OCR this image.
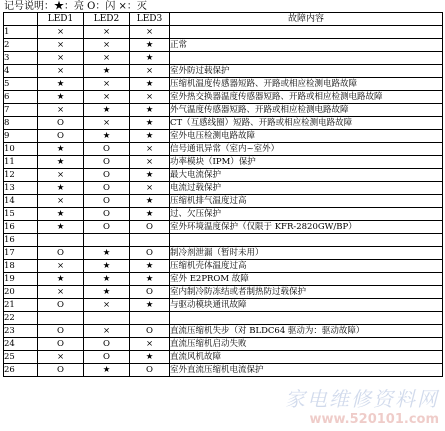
记号说明：★：亮 O：闪 ×：灭
	LED1	LED2	LED3	故障内容
1	×	×	×	
2	×	×	★	正常
3	×	×	★	
4	×	★	×	室外防过载保护
5	★	×	★	压缩机温度传感器短路、开路或相应检测电路故障
6	★	×	×	室外热交换器温度传感器短路、开路或相应检测电路故障
7	×	★	★	外气温度传感器短路、开路或相应检测电路故障
8	O	×	★	CT（互感线圈）短路、开路或相应检测电路故障
9	O	★	★	室外电压检测电路故障
10	★	O	×	信号通讯异常（室内~室外）
11	★	O	×	功率模块（IPM）保护
12	×	O	★	最大电流保护
13	★	O	×	电流过载保护
14	×	O	★	压缩机排气温度过高
15	★	O	★	过、欠压保护
16	★	O	O	室外环境温度保护（仅限于 KFR-2820GW/BP）
16				
17	O	★	O	制冷剂泄漏（暂时未用）
18	×	★	★	压缩机壳体温度过高
19	★	★	★	室外 E2PROM 故障
20	×	★	O	室内制冷防冻结或者制热防过载保护
21	O	×	★	与驱动模块通讯故障
22				
23	O	×	O	直流压缩机失步（对 BLDC64 驱动为：驱动故障）
24	O	O	×	直流压缩机启动失败
25	×	O	★	直流风机故障
26	O	★	O	室外直流压缩机电流保护
家电维修资料网
www.520101.com
